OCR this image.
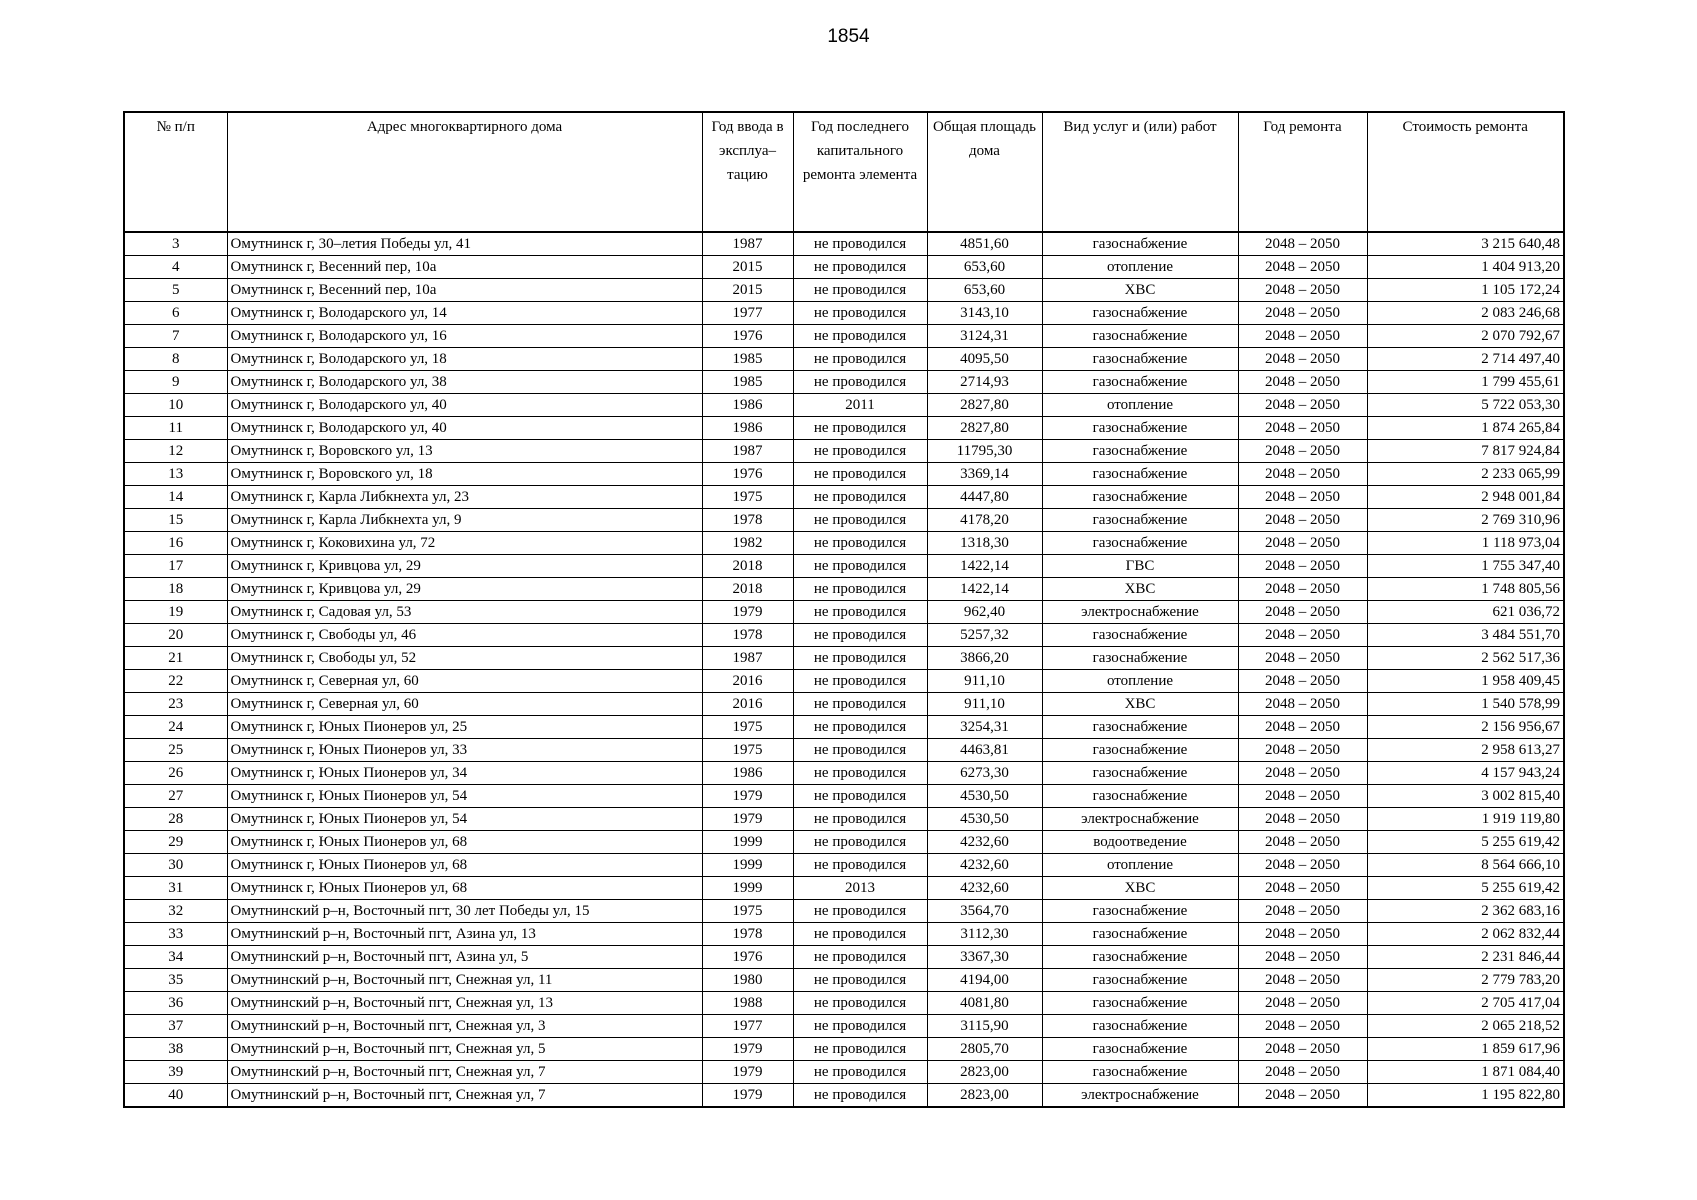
1854
№ п/п	Адрес многоквартирного дома	Год ввода в эксплуа–тацию	Год последнего капитального ремонта элемента	Общая площадь дома	Вид услуг и (или) работ	Год ремонта	Стоимость ремонта
3	Омутнинск г, 30–летия Победы ул, 41	1987	не проводился	4851,60	газоснабжение	2048 – 2050	3 215 640,48
4	Омутнинск г, Весенний пер, 10а	2015	не проводился	653,60	отопление	2048 – 2050	1 404 913,20
5	Омутнинск г, Весенний пер, 10а	2015	не проводился	653,60	ХВС	2048 – 2050	1 105 172,24
6	Омутнинск г, Володарского ул, 14	1977	не проводился	3143,10	газоснабжение	2048 – 2050	2 083 246,68
7	Омутнинск г, Володарского ул, 16	1976	не проводился	3124,31	газоснабжение	2048 – 2050	2 070 792,67
8	Омутнинск г, Володарского ул, 18	1985	не проводился	4095,50	газоснабжение	2048 – 2050	2 714 497,40
9	Омутнинск г, Володарского ул, 38	1985	не проводился	2714,93	газоснабжение	2048 – 2050	1 799 455,61
10	Омутнинск г, Володарского ул, 40	1986	2011	2827,80	отопление	2048 – 2050	5 722 053,30
11	Омутнинск г, Володарского ул, 40	1986	не проводился	2827,80	газоснабжение	2048 – 2050	1 874 265,84
12	Омутнинск г, Воровского ул, 13	1987	не проводился	11795,30	газоснабжение	2048 – 2050	7 817 924,84
13	Омутнинск г, Воровского ул, 18	1976	не проводился	3369,14	газоснабжение	2048 – 2050	2 233 065,99
14	Омутнинск г, Карла Либкнехта ул, 23	1975	не проводился	4447,80	газоснабжение	2048 – 2050	2 948 001,84
15	Омутнинск г, Карла Либкнехта ул, 9	1978	не проводился	4178,20	газоснабжение	2048 – 2050	2 769 310,96
16	Омутнинск г, Коковихина ул, 72	1982	не проводился	1318,30	газоснабжение	2048 – 2050	1 118 973,04
17	Омутнинск г, Кривцова ул, 29	2018	не проводился	1422,14	ГВС	2048 – 2050	1 755 347,40
18	Омутнинск г, Кривцова ул, 29	2018	не проводился	1422,14	ХВС	2048 – 2050	1 748 805,56
19	Омутнинск г, Садовая ул, 53	1979	не проводился	962,40	электроснабжение	2048 – 2050	621 036,72
20	Омутнинск г, Свободы ул, 46	1978	не проводился	5257,32	газоснабжение	2048 – 2050	3 484 551,70
21	Омутнинск г, Свободы ул, 52	1987	не проводился	3866,20	газоснабжение	2048 – 2050	2 562 517,36
22	Омутнинск г, Северная ул, 60	2016	не проводился	911,10	отопление	2048 – 2050	1 958 409,45
23	Омутнинск г, Северная ул, 60	2016	не проводился	911,10	ХВС	2048 – 2050	1 540 578,99
24	Омутнинск г, Юных Пионеров ул, 25	1975	не проводился	3254,31	газоснабжение	2048 – 2050	2 156 956,67
25	Омутнинск г, Юных Пионеров ул, 33	1975	не проводился	4463,81	газоснабжение	2048 – 2050	2 958 613,27
26	Омутнинск г, Юных Пионеров ул, 34	1986	не проводился	6273,30	газоснабжение	2048 – 2050	4 157 943,24
27	Омутнинск г, Юных Пионеров ул, 54	1979	не проводился	4530,50	газоснабжение	2048 – 2050	3 002 815,40
28	Омутнинск г, Юных Пионеров ул, 54	1979	не проводился	4530,50	электроснабжение	2048 – 2050	1 919 119,80
29	Омутнинск г, Юных Пионеров ул, 68	1999	не проводился	4232,60	водоотведение	2048 – 2050	5 255 619,42
30	Омутнинск г, Юных Пионеров ул, 68	1999	не проводился	4232,60	отопление	2048 – 2050	8 564 666,10
31	Омутнинск г, Юных Пионеров ул, 68	1999	2013	4232,60	ХВС	2048 – 2050	5 255 619,42
32	Омутнинский р–н, Восточный пгт, 30 лет Победы ул, 15	1975	не проводился	3564,70	газоснабжение	2048 – 2050	2 362 683,16
33	Омутнинский р–н, Восточный пгт, Азина ул, 13	1978	не проводился	3112,30	газоснабжение	2048 – 2050	2 062 832,44
34	Омутнинский р–н, Восточный пгт, Азина ул, 5	1976	не проводился	3367,30	газоснабжение	2048 – 2050	2 231 846,44
35	Омутнинский р–н, Восточный пгт, Снежная ул, 11	1980	не проводился	4194,00	газоснабжение	2048 – 2050	2 779 783,20
36	Омутнинский р–н, Восточный пгт, Снежная ул, 13	1988	не проводился	4081,80	газоснабжение	2048 – 2050	2 705 417,04
37	Омутнинский р–н, Восточный пгт, Снежная ул, 3	1977	не проводился	3115,90	газоснабжение	2048 – 2050	2 065 218,52
38	Омутнинский р–н, Восточный пгт, Снежная ул, 5	1979	не проводился	2805,70	газоснабжение	2048 – 2050	1 859 617,96
39	Омутнинский р–н, Восточный пгт, Снежная ул, 7	1979	не проводился	2823,00	газоснабжение	2048 – 2050	1 871 084,40
40	Омутнинский р–н, Восточный пгт, Снежная ул, 7	1979	не проводился	2823,00	электроснабжение	2048 – 2050	1 195 822,80
